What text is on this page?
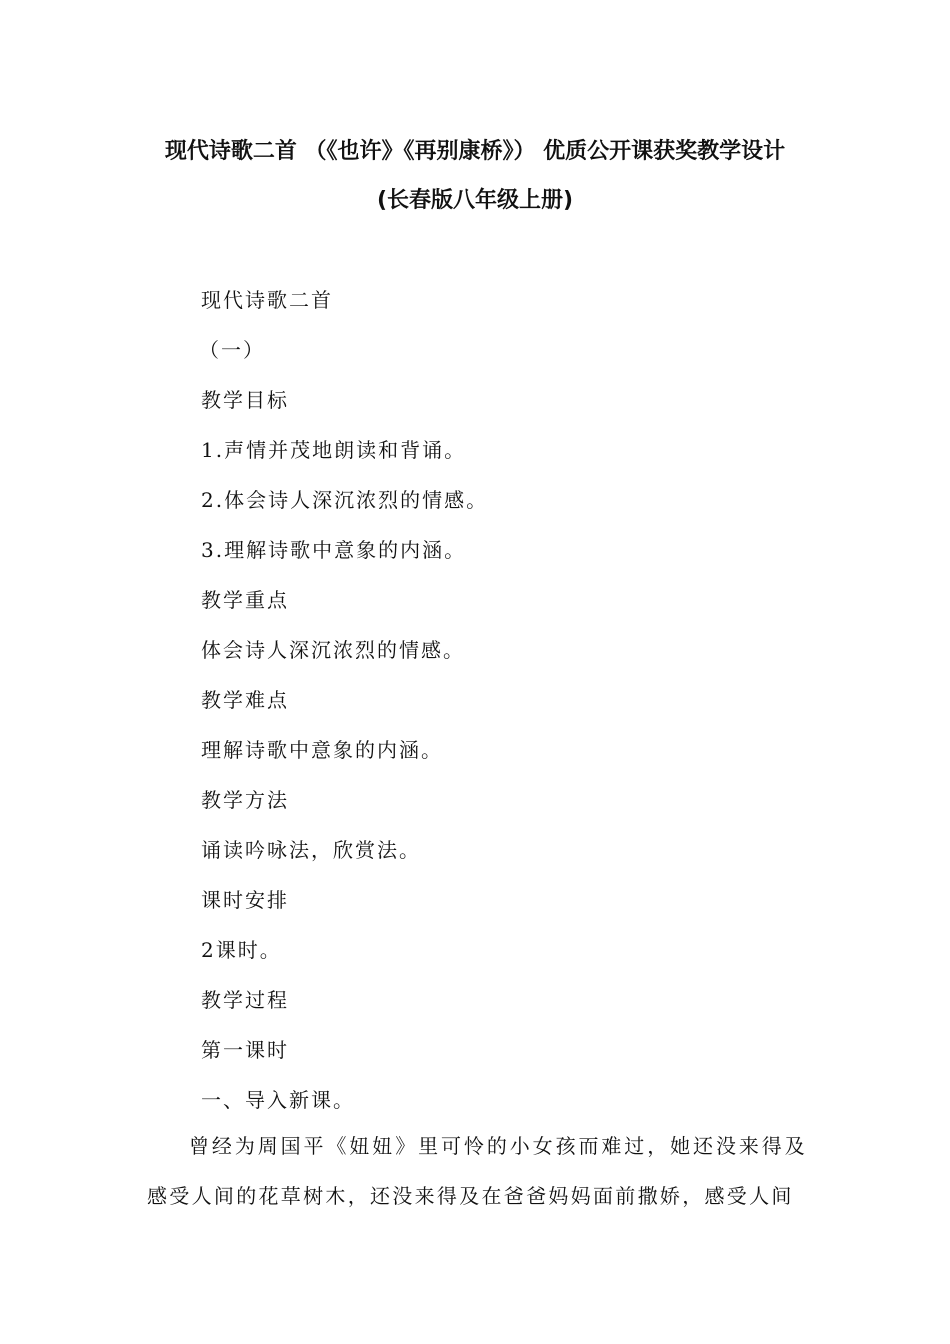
现代诗歌二首 （《也许》《再别康桥》） 优质公开课获奖教学设计
(长春版八年级上册)
现代诗歌二首
（一）
教学目标
1.声情并茂地朗读和背诵。
2.体会诗人深沉浓烈的情感。
3.理解诗歌中意象的内涵。
教学重点
体会诗人深沉浓烈的情感。
教学难点
理解诗歌中意象的内涵。
教学方法
诵读吟咏法，欣赏法。
课时安排
2课时。
教学过程
第一课时
一、导入新课。
曾经为周国平《妞妞》里可怜的小女孩而难过，她还没来得及感受人间的花草树木，还没来得及在爸爸妈妈面前撒娇，感受人间
